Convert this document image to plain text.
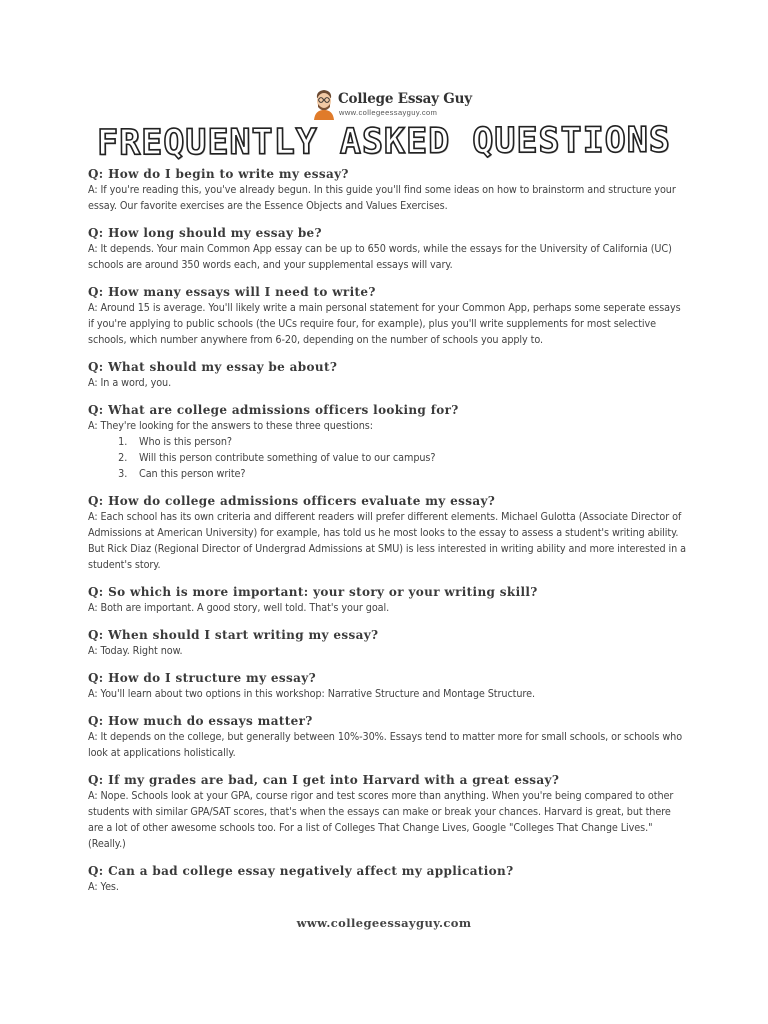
College Essay Guy
www.collegeessayguy.com
FREQUENTLY ASKED QUESTIONS
Q: How do I begin to write my essay?
A: If you're reading this, you've already begun. In this guide you'll find some ideas on how to brainstorm and structure your essay. Our favorite exercises are the Essence Objects and Values Exercises.
Q: How long should my essay be?
A: It depends. Your main Common App essay can be up to 650 words, while the essays for the University of California (UC) schools are around 350 words each, and your supplemental essays will vary.
Q: How many essays will I need to write?
A: Around 15 is average. You'll likely write a main personal statement for your Common App, perhaps some seperate essays if you're applying to public schools (the UCs require four, for example), plus you'll write supplements for most selective schools, which number anywhere from 6-20, depending on the number of schools you apply to.
Q: What should my essay be about?
A: In a word, you.
Q: What are college admissions officers looking for?
A: They're looking for the answers to these three questions:
1. Who is this person?
2. Will this person contribute something of value to our campus?
3. Can this person write?
Q: How do college admissions officers evaluate my essay?
A: Each school has its own criteria and different readers will prefer different elements. Michael Gulotta (Associate Director of Admissions at American University) for example, has told us he most looks to the essay to assess a student's writing ability. But Rick Diaz (Regional Director of Undergrad Admissions at SMU) is less interested in writing ability and more interested in a student's story.
Q: So which is more important: your story or your writing skill?
A: Both are important. A good story, well told. That's your goal.
Q: When should I start writing my essay?
A: Today. Right now.
Q: How do I structure my essay?
A: You'll learn about two options in this workshop: Narrative Structure and Montage Structure.
Q: How much do essays matter?
A: It depends on the college, but generally between 10%-30%. Essays tend to matter more for small schools, or schools who look at applications holistically.
Q: If my grades are bad, can I get into Harvard with a great essay?
A: Nope. Schools look at your GPA, course rigor and test scores more than anything. When you're being compared to other students with similar GPA/SAT scores, that's when the essays can make or break your chances. Harvard is great, but there are a lot of other awesome schools too. For a list of Colleges That Change Lives, Google "Colleges That Change Lives." (Really.)
Q: Can a bad college essay negatively affect my application?
A: Yes.
www.collegeessayguy.com
